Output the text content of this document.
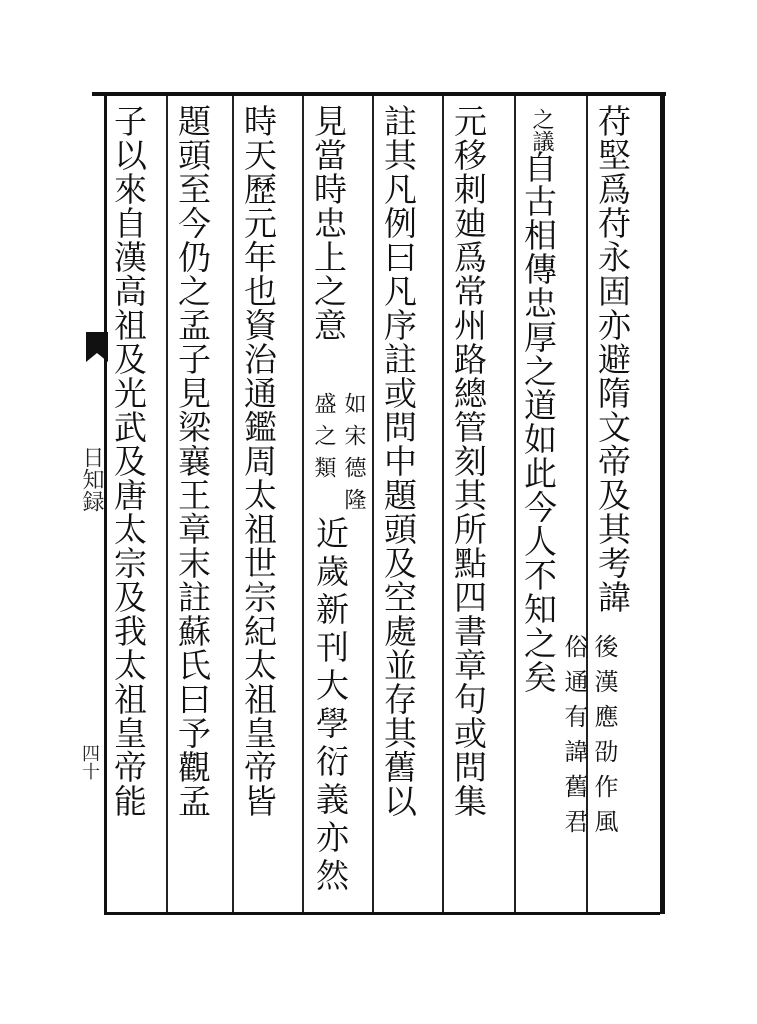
苻堅爲苻永固亦避隋文帝及其考諱
後漢應劭作風
俗通有諱舊君
之議
自古相傳忠厚之道如此今人不知之矣
元移刺廸爲常州路總管刻其所點四書章句或問集
註其凡例曰凡序註或問中題頭及空處並存其舊以
見當時忠上之意
如宋德隆
盛之類
近歲新刊大學衍義亦然
時天歷元年也資治通鑑周太祖世宗紀太祖皇帝皆
題頭至今仍之孟子見梁襄王章末註蘇氏曰予觀孟
子以來自漢高祖及光武及唐太宗及我太祖皇帝能
日知録
四十
